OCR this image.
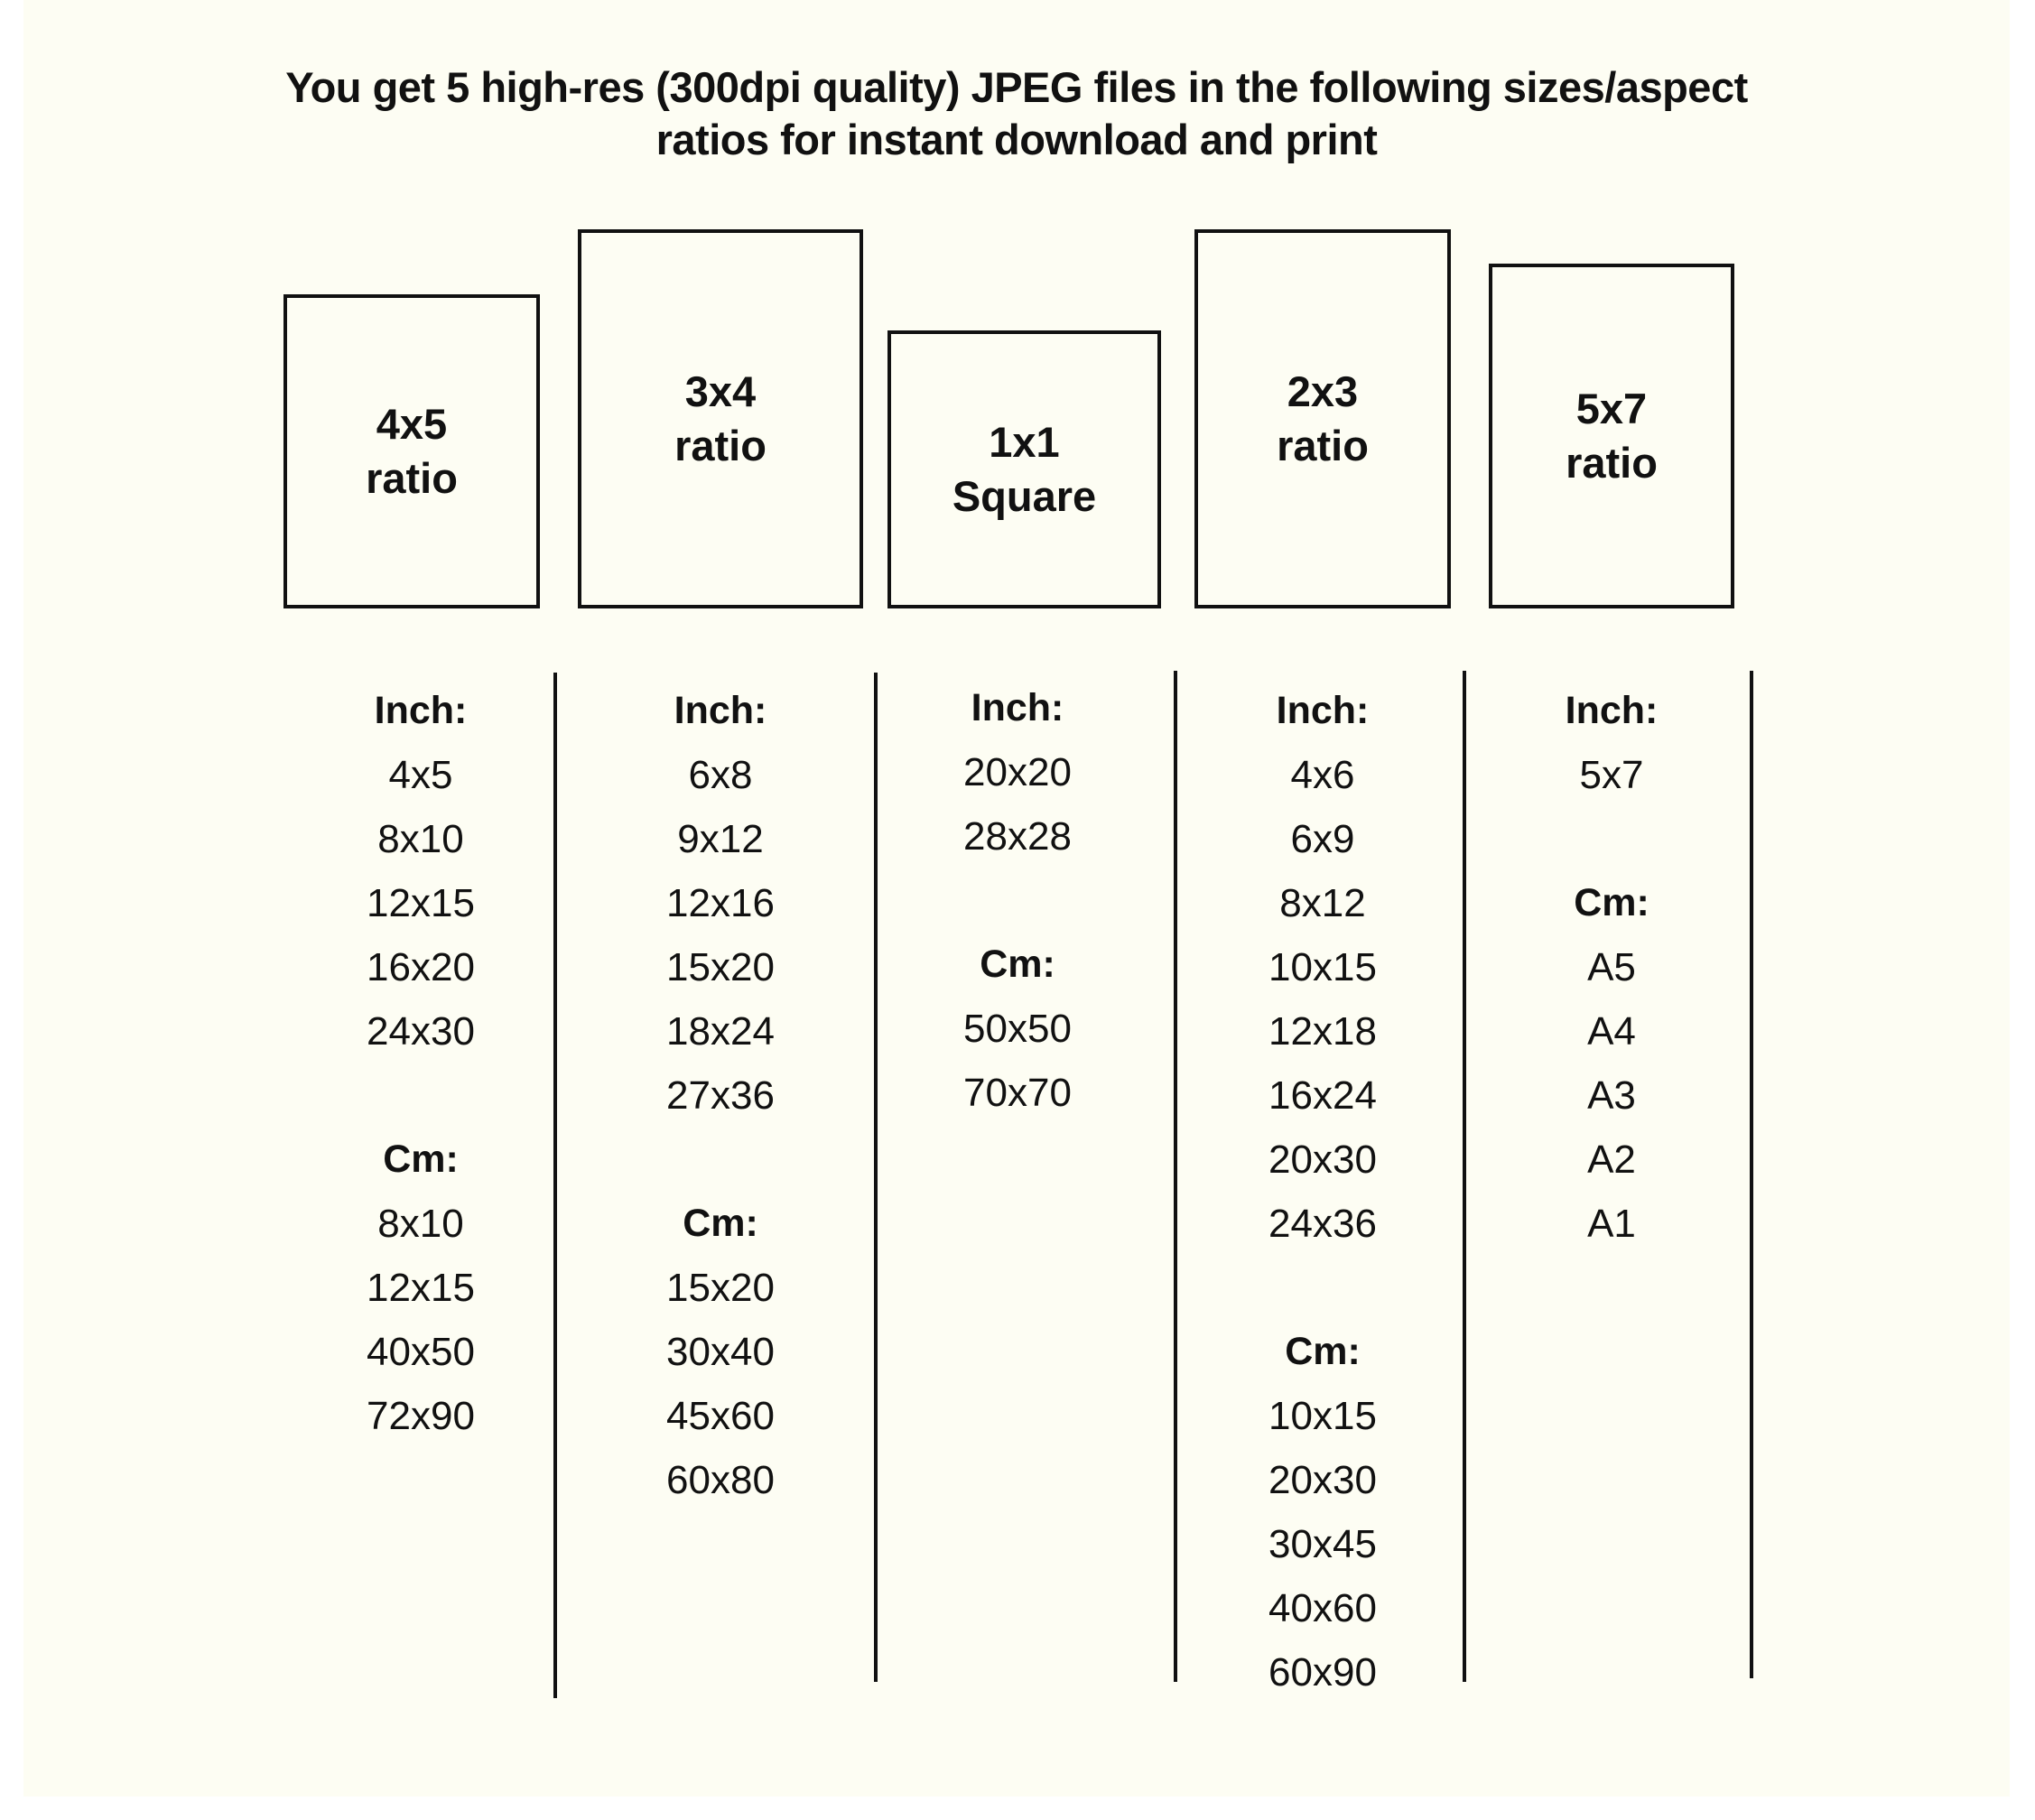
You get 5 high-res (300dpi quality) JPEG files in the following sizes/aspect
ratios for instant download and print
4x5
ratio
3x4
ratio	1x1
Square
2x3
ratio
5x7
ratio
Inch:
4x5
8x10
12x15
16x20
24x30
Cm:
8x10
12x15
40x50
72x90
Inch:
6x8
9x12
12x16
15x20
18x24
27x36
Cm:
15x20
30x40
45x60
60x80
Inch:
20x20
28x28
Cm:
50x50
70x70
Inch:
4x6
6x9
8x12
10x15
12x18
16x24
20x30
24x36
Cm:
10x15
20x30
30x45
40x60
60x90
Inch:
5x7
Cm:
A5
A4
A3
A2
A1
